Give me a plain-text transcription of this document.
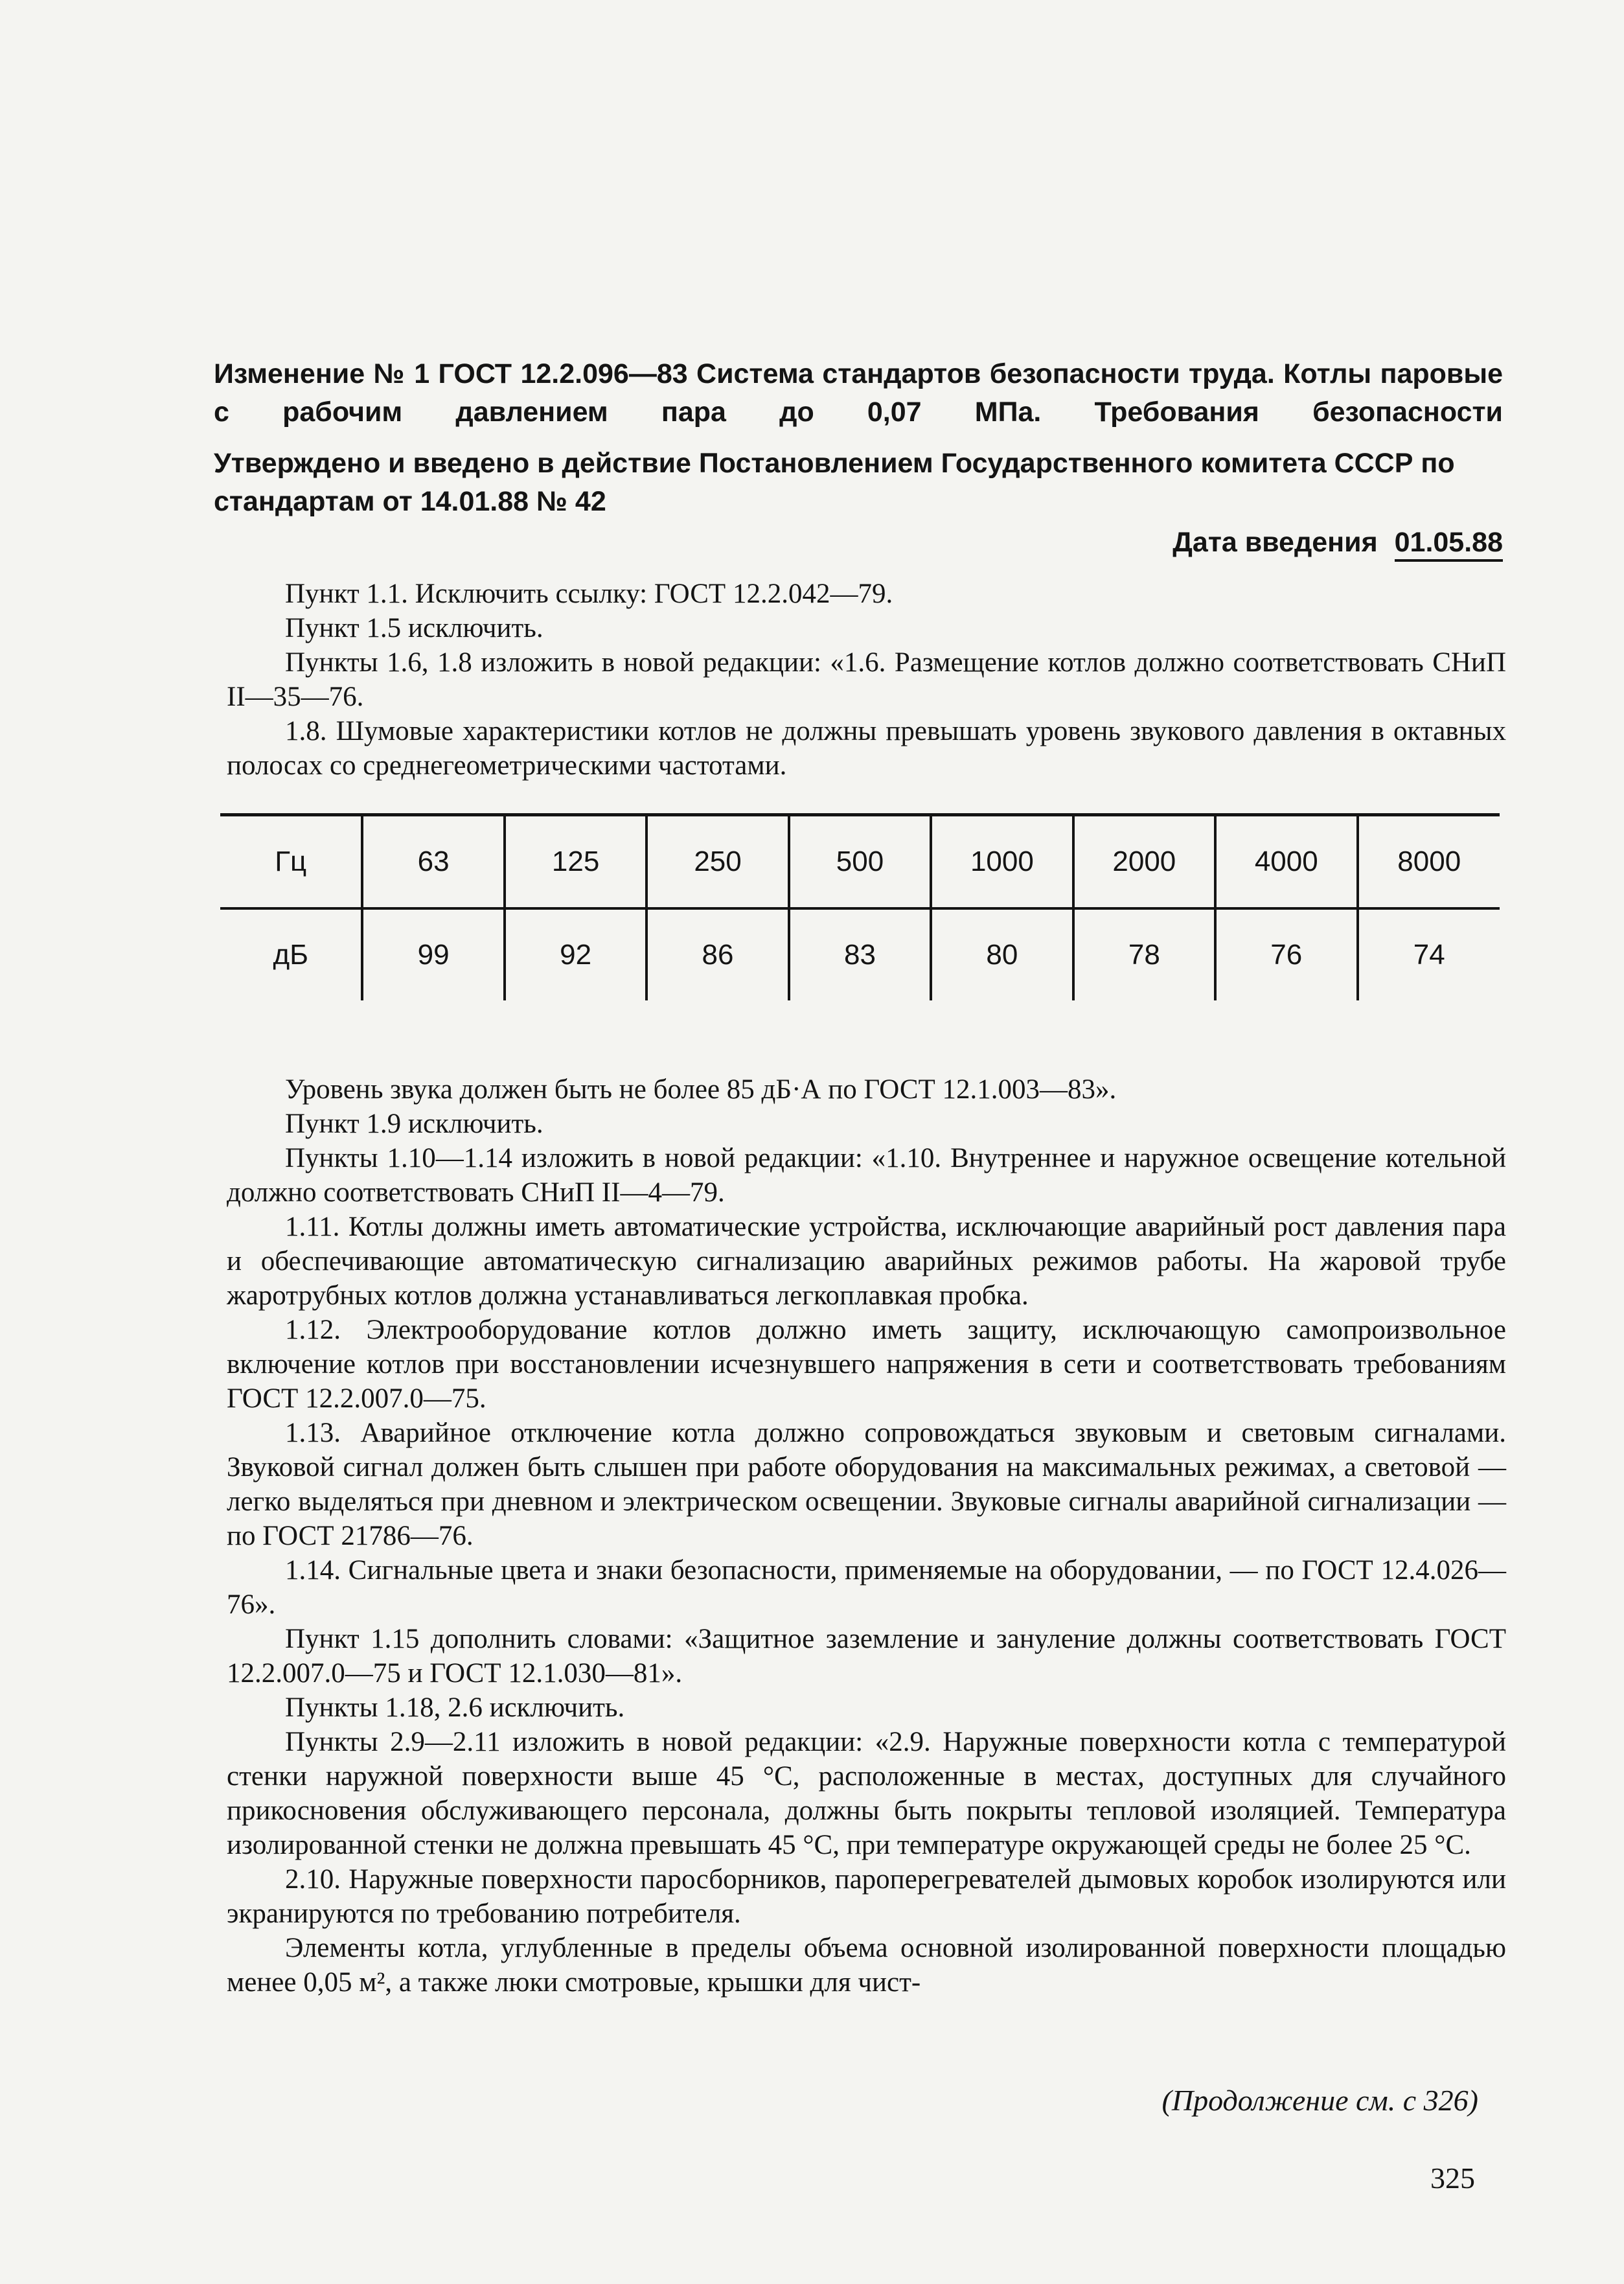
Изменение № 1 ГОСТ 12.2.096—83 Система стандартов безопасности труда. Котлы паровые с рабочим давлением пара до 0,07 МПа. Требования безопасности

Утверждено и введено в действие Постановлением Государственного комитета СССР по стандартам от 14.01.88 № 42

Дата введения 01.05.88

Пункт 1.1. Исключить ссылку: ГОСТ 12.2.042—79.

Пункт 1.5 исключить.

Пункты 1.6, 1.8 изложить в новой редакции: «1.6. Размещение котлов должно соответствовать СНиП II—35—76.

1.8. Шумовые характеристики котлов не должны превышать уровень звукового давления в октавных полосах со среднегеометрическими частотами.

Гц	63	125	250	500	1000	2000	4000	8000
дБ	99	92	86	83	80	78	76	74

Уровень звука должен быть не более 85 дБ·А по ГОСТ 12.1.003—83».

Пункт 1.9 исключить.

Пункты 1.10—1.14 изложить в новой редакции: «1.10. Внутреннее и наружное освещение котельной должно соответствовать СНиП II—4—79.

1.11. Котлы должны иметь автоматические устройства, исключающие аварийный рост давления пара и обеспечивающие автоматическую сигнализацию аварийных режимов работы. На жаровой трубе жаротрубных котлов должна устанавливаться легкоплавкая пробка.

1.12. Электрооборудование котлов должно иметь защиту, исключающую самопроизвольное включение котлов при восстановлении исчезнувшего напряжения в сети и соответствовать требованиям ГОСТ 12.2.007.0—75.

1.13. Аварийное отключение котла должно сопровождаться звуковым и световым сигналами. Звуковой сигнал должен быть слышен при работе оборудования на максимальных режимах, а световой — легко выделяться при дневном и электрическом освещении. Звуковые сигналы аварийной сигнализации — по ГОСТ 21786—76.

1.14. Сигнальные цвета и знаки безопасности, применяемые на оборудовании, — по ГОСТ 12.4.026—76».

Пункт 1.15 дополнить словами: «Защитное заземление и зануление должны соответствовать ГОСТ 12.2.007.0—75 и ГОСТ 12.1.030—81».

Пункты 1.18, 2.6 исключить.

Пункты 2.9—2.11 изложить в новой редакции: «2.9. Наружные поверхности котла с температурой стенки наружной поверхности выше 45 °С, расположенные в местах, доступных для случайного прикосновения обслуживающего персонала, должны быть покрыты тепловой изоляцией. Температура изолированной стенки не должна превышать 45 °С, при температуре окружающей среды не более 25 °С.

2.10. Наружные поверхности паросборников, пароперегревателей дымовых коробок изолируются или экранируются по требованию потребителя.

Элементы котла, углубленные в пределы объема основной изолированной поверхности площадью менее 0,05 м², а также люки смотровые, крышки для чист-

(Продолжение см. с 326)
325
